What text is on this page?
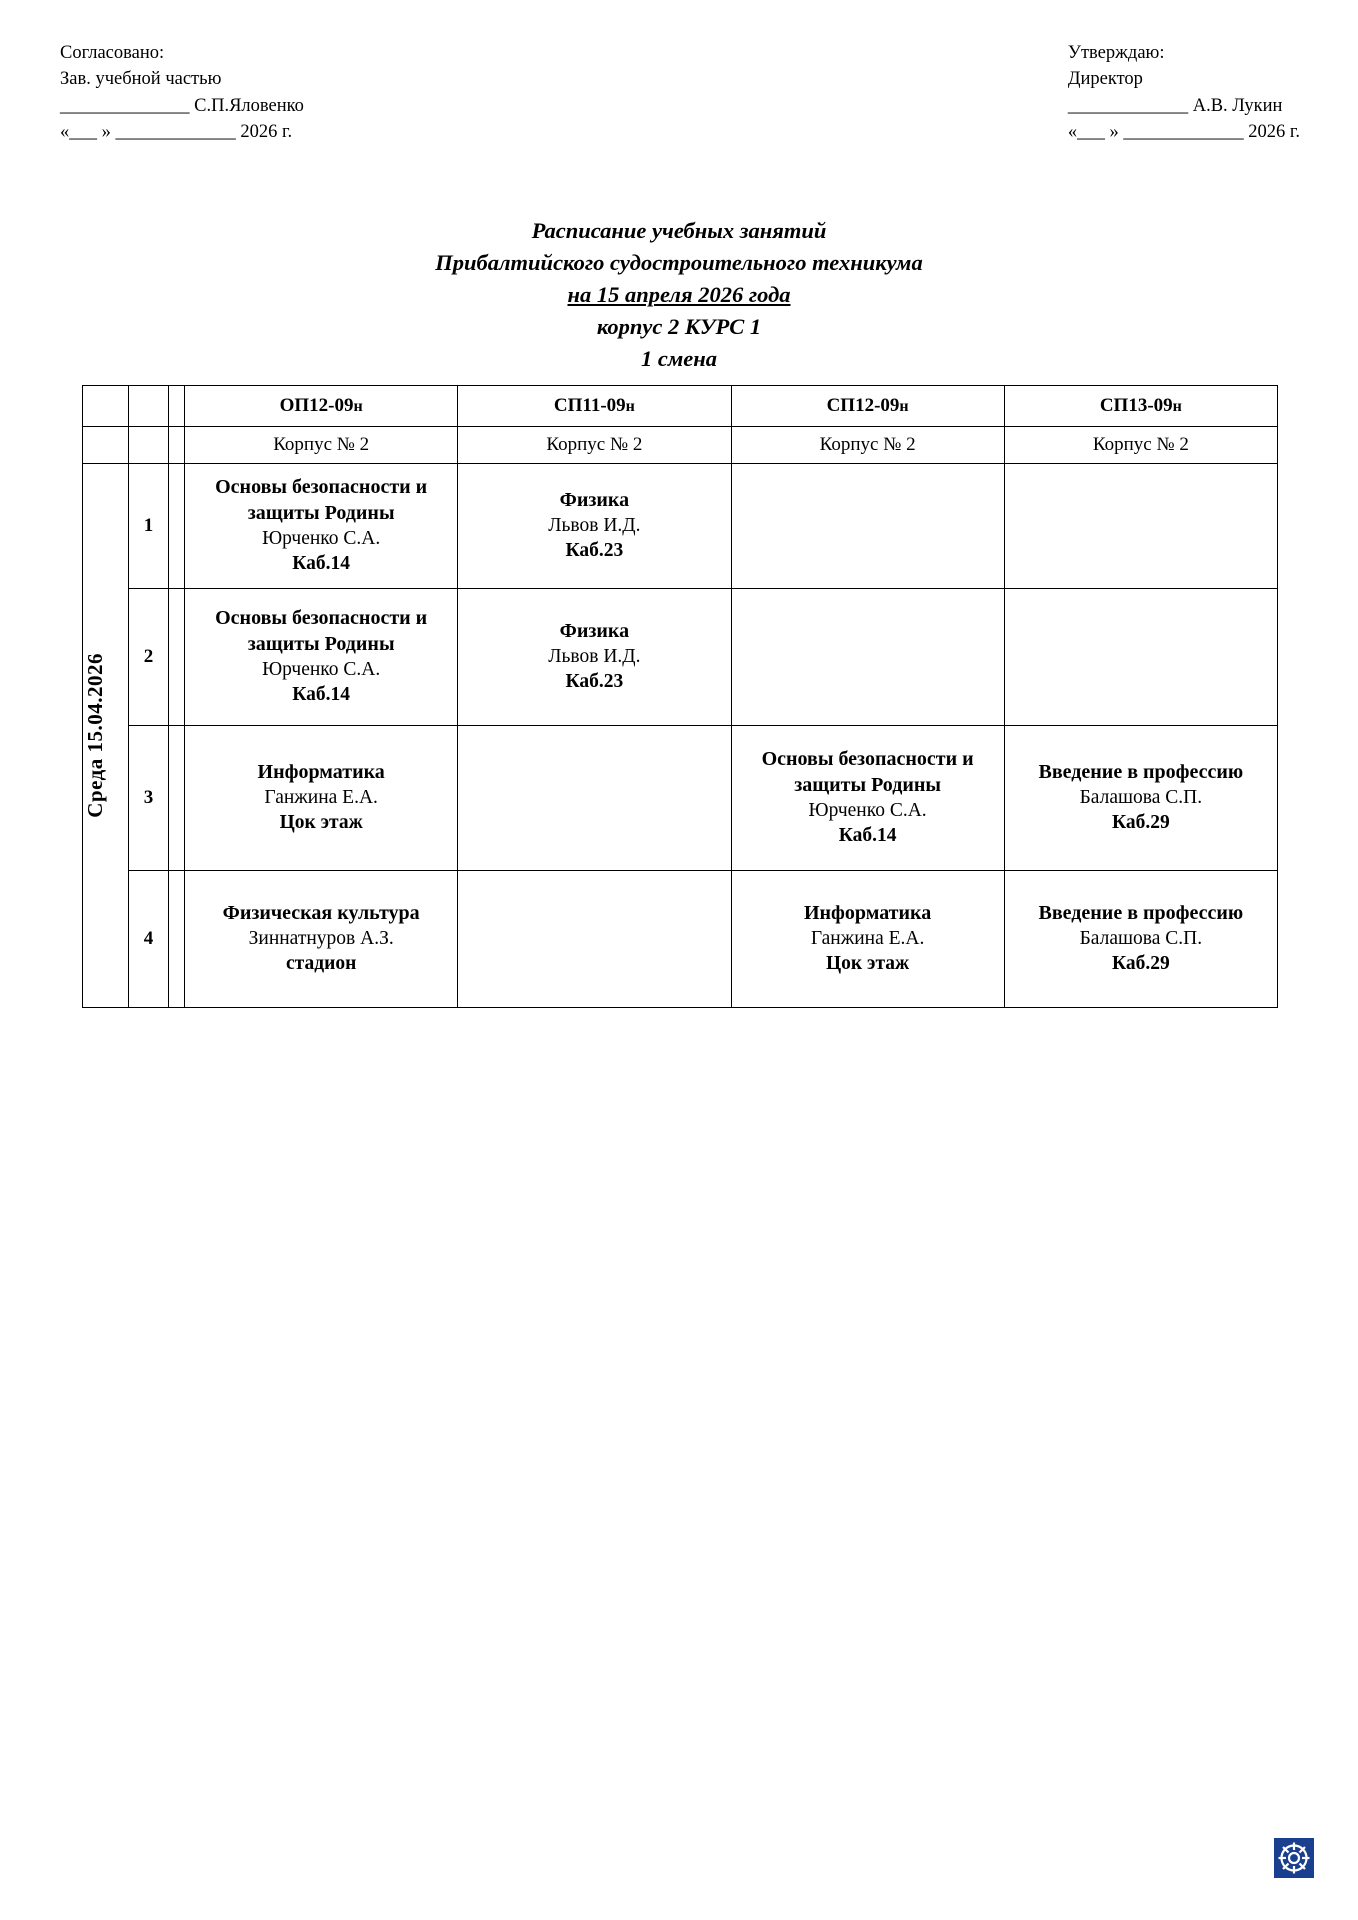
Согласовано:
Зав. учебной частью
______________ С.П.Яловенко
«___ » _____________ 2026 г.
Утверждаю:
Директор
_____________ А.В. Лукин
«___ » _____________ 2026 г.
Расписание учебных занятий
Прибалтийского судостроительного техникума
на 15 апреля 2026 года
корпус 2 КУРС 1
1 смена
			ОП12-09н	СП11-09н	СП12-09н	СП13-09н
			Корпус № 2	Корпус № 2	Корпус № 2	Корпус № 2

Среда 15.04.2026	1		Основы безопасности и защиты Родины
Юрченко С.А.
Каб.14	Физика
Львов И.Д.
Каб.23		

	2		Основы безопасности и защиты Родины
Юрченко С.А.
Каб.14	Физика
Львов И.Д.
Каб.23		

	3		Информатика
Ганжина Е.А.
Цок этаж		Основы безопасности и защиты Родины
Юрченко С.А.
Каб.14	Введение в профессию
Балашова С.П.
Каб.29

	4		Физическая культура
Зиннатнуров А.З.
стадион		Информатика
Ганжина Е.А.
Цок этаж	Введение в профессию
Балашова С.П.
Каб.29
